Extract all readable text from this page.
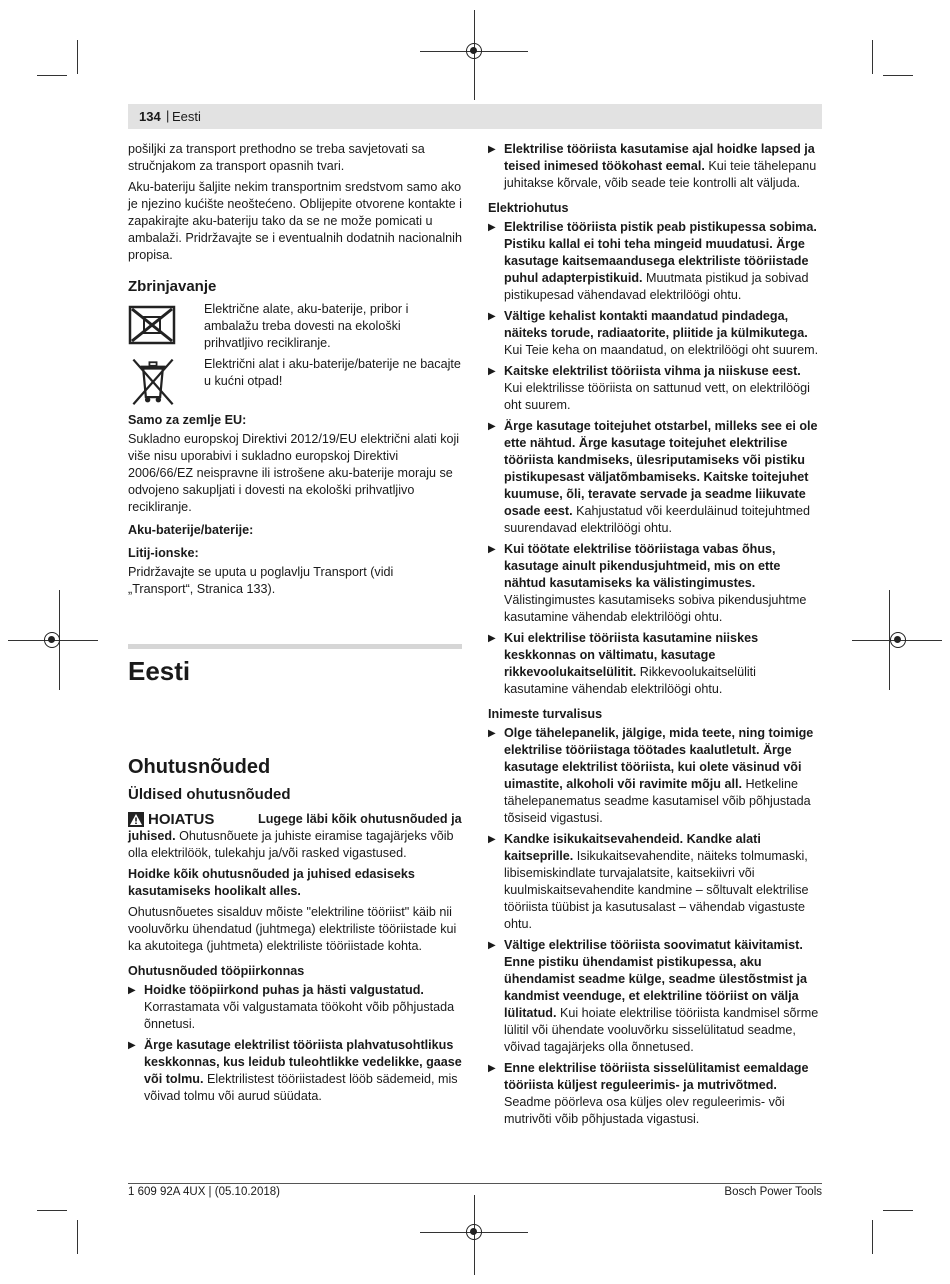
134 Eesti
|

pošiljki za transport prethodno se treba savjetovati sa stručnjakom za transport opasnih tvari.

Aku-bateriju šaljite nekim transportnim sredstvom samo ako je njezino kućište neoštećeno. Oblijepite otvorene kontakte i zapakirajte aku-bateriju tako da se ne može pomicati u ambalaži. Pridržavajte se i eventualnih dodatnih nacionalnih propisa.

Zbrinjavanje
Električne alate, aku-baterije, pribor i ambalažu treba dovesti na ekološki prihvatljivo recikliranje.
Električni alat i aku-baterije/baterije ne bacajte u kućni otpad!
Samo za zemlje EU:

Sukladno europskoj Direktivi 2012/19/EU električni alati koji više nisu uporabivi i sukladno europskoj Direktivi 2006/66/EZ neispravne ili istrošene aku-baterije moraju se odvojeno sakupljati i dovesti na ekološki prihvatljivo recikliranje.

Aku-baterije/baterije:
Litij-ionske:

Pridržavajte se uputa u poglavlju Transport (vidi „Transport“, Stranica 133).

Eesti
Ohutusnõuded
Üldised ohutusnõuded
HOIATUS	Lugege läbi kõik ohutusnõuded ja juhised. Ohutusnõuete ja juhiste eiramise tagajärjeks võib olla elektrilöök, tulekahju ja/või rasked vigastused.

Hoidke kõik ohutusnõuded ja juhised edasiseks kasutamiseks hoolikalt alles.

Ohutusnõuetes sisalduv mõiste "elektriline tööriist" käib nii vooluvõrku ühendatud (juhtmega) elektriliste tööriistade kui ka akutoitega (juhtmeta) elektriliste tööriistade kohta.

Ohutusnõuded tööpiirkonnas
▶ Hoidke tööpiirkond puhas ja hästi valgustatud. Korrastamata või valgustamata töökoht võib põhjustada õnnetusi.
▶ Ärge kasutage elektrilist tööriista plahvatusohtlikus keskkonnas, kus leidub tuleohtlikke vedelikke, gaase või tolmu. Elektrilistest tööriistadest lööb sädemeid, mis võivad tolmu või aurud süüdata.
▶ Elektrilise tööriista kasutamise ajal hoidke lapsed ja teised inimesed töökohast eemal. Kui teie tähelepanu juhitakse kõrvale, võib seade teie kontrolli alt väljuda.
Elektriohutus
▶ Elektrilise tööriista pistik peab pistikupessa sobima. Pistiku kallal ei tohi teha mingeid muudatusi. Ärge kasutage kaitsemaandusega elektriliste tööriistade puhul adapterpistikuid. Muutmata pistikud ja sobivad pistikupesad vähendavad elektrilöögi ohtu.
▶ Vältige kehalist kontakti maandatud pindadega, näiteks torude, radiaatorite, pliitide ja külmikutega. Kui Teie keha on maandatud, on elektrilöögi oht suurem.
▶ Kaitske elektrilist tööriista vihma ja niiskuse eest. Kui elektrilisse tööriista on sattunud vett, on elektrilöögi oht suurem.
▶ Ärge kasutage toitejuhet otstarbel, milleks see ei ole ette nähtud. Ärge kasutage toitejuhet elektrilise tööriista kandmiseks, ülesriputamiseks või pistiku pistikupesast väljatõmbamiseks. Kaitske toitejuhet kuumuse, õli, teravate servade ja seadme liikuvate osade eest. Kahjustatud või keerduläinud toitejuhtmed suurendavad elektrilöögi ohtu.
▶ Kui töötate elektrilise tööriistaga vabas õhus, kasutage ainult pikendusjuhtmeid, mis on ette nähtud kasutamiseks ka välistingimustes. Välistingimustes kasutamiseks sobiva pikendusjuhtme kasutamine vähendab elektrilöögi ohtu.
▶ Kui elektrilise tööriista kasutamine niiskes keskkonnas on vältimatu, kasutage rikkevoolukaitselülitit. Rikkevoolukaitselüliti kasutamine vähendab elektrilöögi ohtu.
Inimeste turvalisus
▶ Olge tähelepanelik, jälgige, mida teete, ning toimige elektrilise tööriistaga töötades kaalutletult. Ärge kasutage elektrilist tööriista, kui olete väsinud või uimastite, alkoholi või ravimite mõju all. Hetkeline tähelepanematus seadme kasutamisel võib põhjustada tõsiseid vigastusi.
▶ Kandke isikukaitsevahendeid. Kandke alati kaitseprille. Isikukaitsevahendite, näiteks tolmumaski, libisemiskindlate turvajalatsite, kaitsekiivri või kuulmiskaitsevahendite kandmine – sõltuvalt elektrilise tööriista tüübist ja kasutusalast – vähendab vigastuste ohtu.
▶ Vältige elektrilise tööriista soovimatut käivitamist. Enne pistiku ühendamist pistikupessa, aku ühendamist seadme külge, seadme ülestõstmist ja kandmist veenduge, et elektriline tööriist on välja lülitatud. Kui hoiate elektrilise tööriista kandmisel sõrme lülitil või ühendate vooluvõrku sisselülitatud seadme, võivad tagajärjeks olla õnnetused.
▶ Enne elektrilise tööriista sisselülitamist eemaldage tööriista küljest reguleerimis- ja mutrivõtmed. Seadme pöörleva osa küljes olev reguleerimis- või mutrivõti võib põhjustada vigastusi.
1 609 92A 4UX | (05.10.2018)	Bosch Power Tools
